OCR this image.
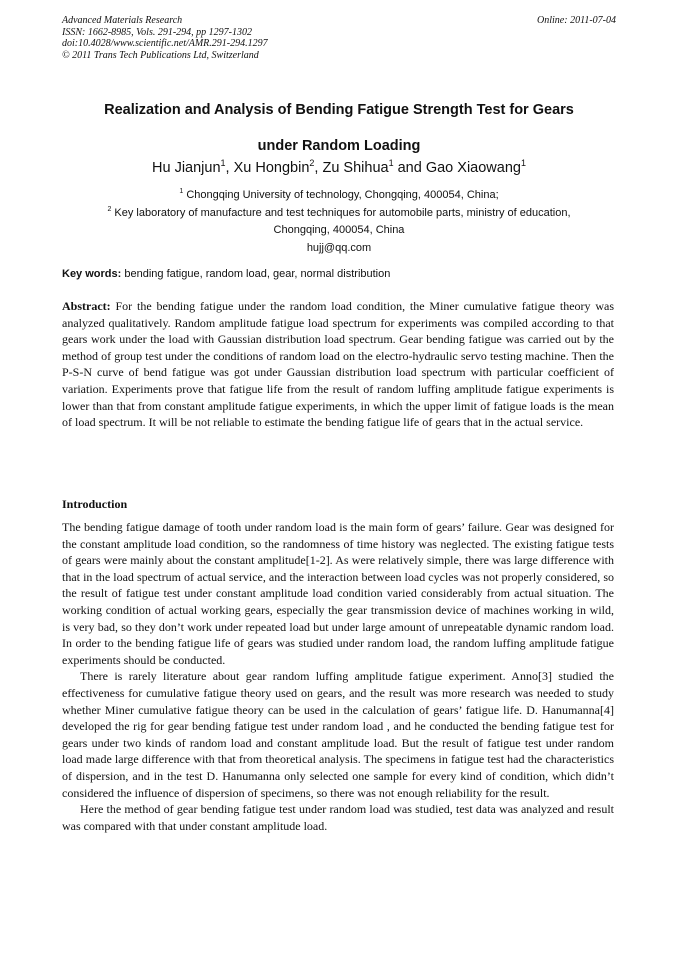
Advanced Materials Research
ISSN: 1662-8985, Vols. 291-294, pp 1297-1302
doi:10.4028/www.scientific.net/AMR.291-294.1297
© 2011 Trans Tech Publications Ltd, Switzerland
Online: 2011-07-04
Realization and Analysis of Bending Fatigue Strength Test for Gears
under Random Loading
Hu Jianjun$^1$, Xu Hongbin$^2$, Zu Shihua$^1$ and Gao Xiaowang$^1$
$^1$ Chongqing University of technology, Chongqing, 400054, China;
$^2$ Key laboratory of manufacture and test techniques for automobile parts, ministry of education,
Chongqing, 400054, China
hujj@qq.com
Key words: bending fatigue, random load, gear, normal distribution

Abstract: For the bending fatigue under the random load condition, the Miner cumulative fatigue theory was analyzed qualitatively. Random amplitude fatigue load spectrum for experiments was compiled according to that gears work under the load with Gaussian distribution load spectrum. Gear bending fatigue was carried out by the method of group test under the conditions of random load on the electro-hydraulic servo testing machine. Then the P-S-N curve of bend fatigue was got under Gaussian distribution load spectrum with particular coefficient of variation. Experiments prove that fatigue life from the result of random luffing amplitude fatigue experiments is lower than that from constant amplitude fatigue experiments, in which the upper limit of fatigue loads is the mean of load spectrum. It will be not reliable to estimate the bending fatigue life of gears that in the actual service.

Introduction

The bending fatigue damage of tooth under random load is the main form of gears’ failure. Gear was designed for the constant amplitude load condition, so the randomness of time history was neglected. The existing fatigue tests of gears were mainly about the constant amplitude[1-2]. As were relatively simple, there was large difference with that in the load spectrum of actual service, and the interaction between load cycles was not properly considered, so the result of fatigue test under constant amplitude load condition varied considerably from actual situation. The working condition of actual working gears, especially the gear transmission device of machines working in wild, is very bad, so they don’t work under repeated load but under large amount of unrepeatable dynamic random load. In order to the bending fatigue life of gears was studied under random load, the random luffing amplitude fatigue experiments should be conducted.

There is rarely literature about gear random luffing amplitude fatigue experiment. Anno[3] studied the effectiveness for cumulative fatigue theory used on gears, and the result was more research was needed to study whether Miner cumulative fatigue theory can be used in the calculation of gears’ fatigue life. D. Hanumanna[4] developed the rig for gear bending fatigue test under random load , and he conducted the bending fatigue test for gears under two kinds of random load and constant amplitude load. But the result of fatigue test under random load made large difference with that from theoretical analysis. The specimens in fatigue test had the characteristics of dispersion, and in the test D. Hanumanna only selected one sample for every kind of condition, which didn’t considered the influence of dispersion of specimens, so there was not enough reliability for the result.

Here the method of gear bending fatigue test under random load was studied, test data was analyzed and result was compared with that under constant amplitude load.
